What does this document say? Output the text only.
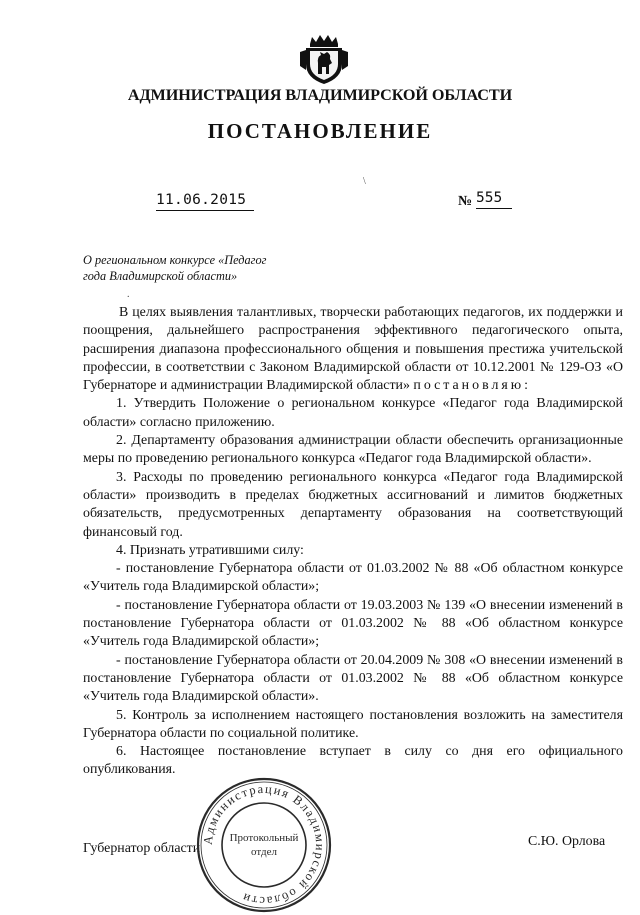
АДМИНИСТРАЦИЯ ВЛАДИМИРСКОЙ ОБЛАСТИ
ПОСТАНОВЛЕНИЕ
\
11.06.2015	№ 555
О региональном конкурсе «Педагог
года Владимирской области»
.

В целях выявления талантливых, творчески работающих педагогов, их поддержки и поощрения, дальнейшего распространения эффективного педагогического опыта, расширения диапазона профессионального общения и повышения престижа учительской профессии, в соответствии с Законом Владимирской области от 10.12.2001 № 129-ОЗ «О Губернаторе и администрации Владимирской области» постановляю:

1. Утвердить Положение о региональном конкурсе «Педагог года Владимирской области» согласно приложению.

2. Департаменту образования администрации области обеспечить организационные меры по проведению регионального конкурса «Педагог года Владимирской области».

3. Расходы по проведению регионального конкурса «Педагог года Владимирской области» производить в пределах бюджетных ассигнований и лимитов бюджетных обязательств, предусмотренных департаменту образования на соответствующий финансовый год.

4. Признать утратившими силу:

- постановление Губернатора области от 01.03.2002 № 88 «Об областном конкурсе «Учитель года Владимирской области»;

- постановление Губернатора области от 19.03.2003 № 139 «О внесении изменений в постановление Губернатора области от 01.03.2002 № 88 «Об областном конкурсе «Учитель года Владимирской области»;

- постановление Губернатора области от 20.04.2009 № 308 «О внесении изменений в постановление Губернатора области от 01.03.2002 № 88 «Об областном конкурсе «Учитель года Владимирской области».

5. Контроль за исполнением настоящего постановления возложить на заместителя Губернатора области по социальной политике.

6. Настоящее постановление вступает в силу со дня его официального опубликования.

Губернатор области	С.Ю. Орлова
Администрация Владимирской области
Протокольный
отдел
